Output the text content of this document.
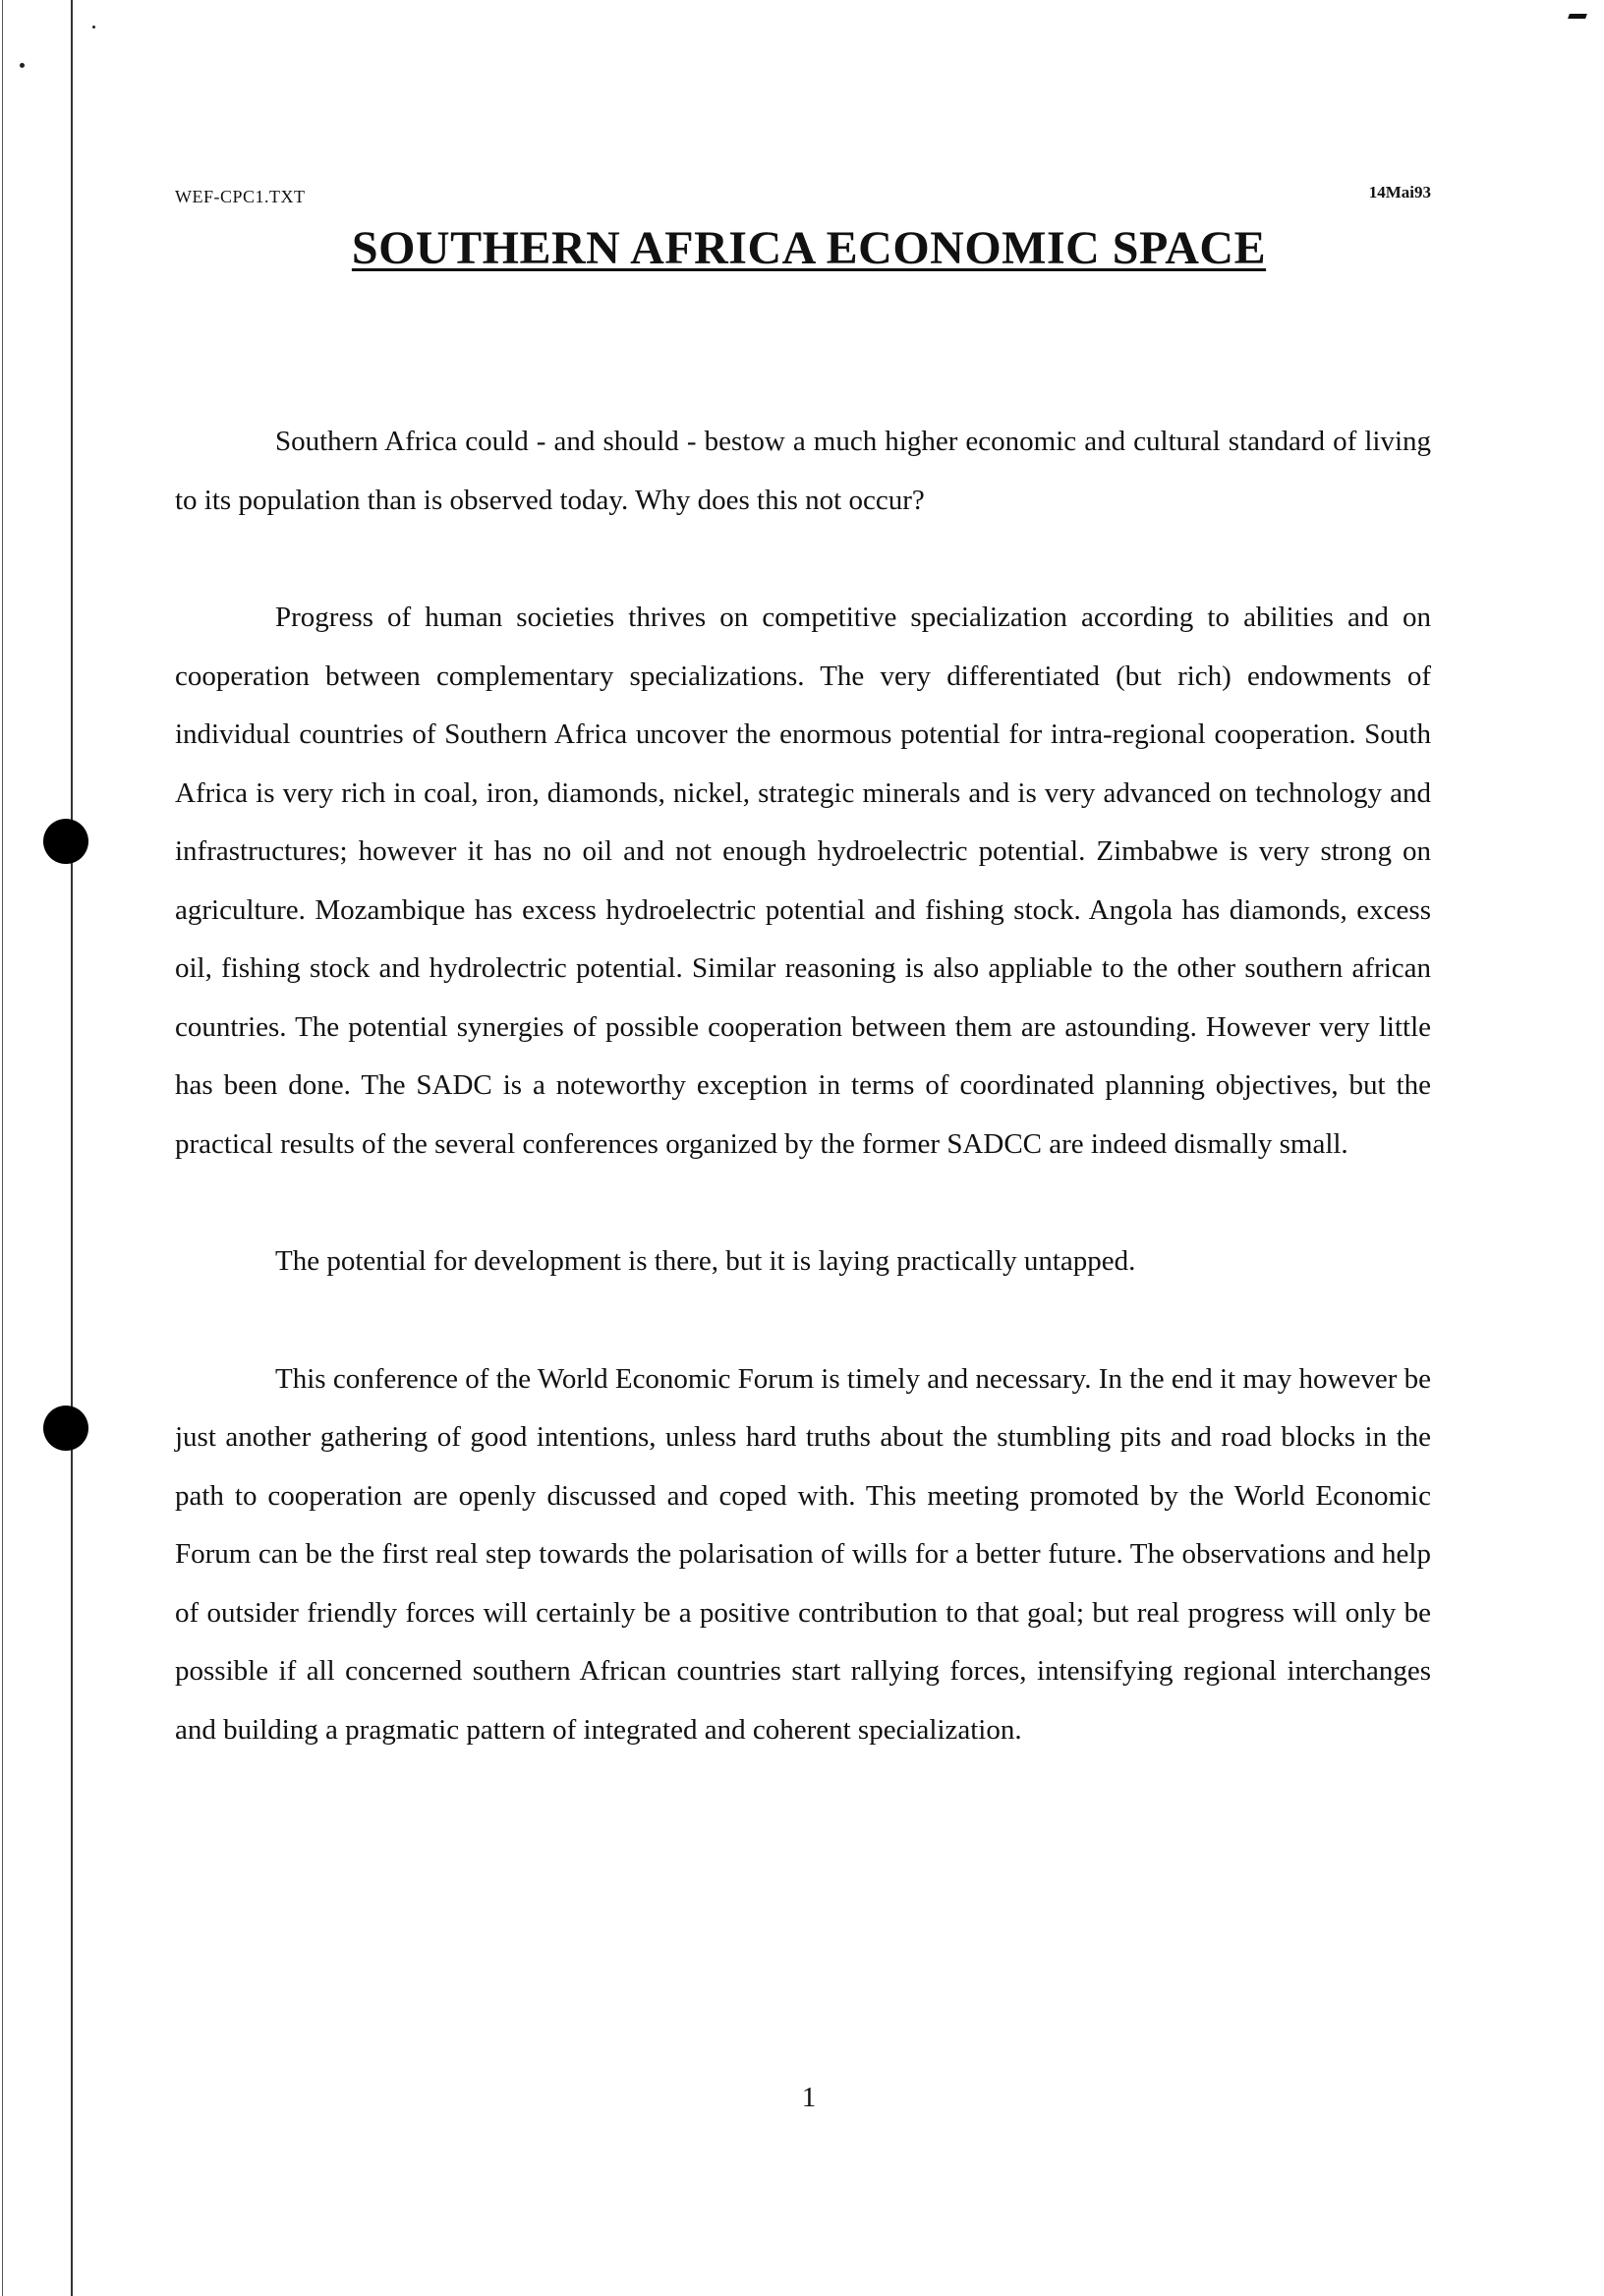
WEF-CPC1.TXT	14Mai93
SOUTHERN AFRICA ECONOMIC SPACE

Southern Africa could - and should - bestow a much higher economic and cultural standard of living to its population than is observed today. Why does this not occur?

Progress of human societies thrives on competitive specialization according to abilities and on cooperation between complementary specializations. The very differentiated (but rich) endowments of individual countries of Southern Africa uncover the enormous potential for intra-regional cooperation. South Africa is very rich in coal, iron, diamonds, nickel, strategic minerals and is very advanced on technology and infrastructures; however it has no oil and not enough hydroelectric potential. Zimbabwe is very strong on agriculture. Mozambique has excess hydroelectric potential and fishing stock. Angola has diamonds, excess oil, fishing stock and hydrolectric potential. Similar reasoning is also appliable to the other southern african countries. The potential synergies of possible cooperation between them are astounding. However very little has been done. The SADC is a noteworthy exception in terms of coordinated planning objectives, but the practical results of the several conferences organized by the former SADCC are indeed dismally small.

The potential for development is there, but it is laying practically untapped.

This conference of the World Economic Forum is timely and necessary. In the end it may however be just another gathering of good intentions, unless hard truths about the stumbling pits and road blocks in the path to cooperation are openly discussed and coped with. This meeting promoted by the World Economic Forum can be the first real step towards the polarisation of wills for a better future. The observations and help of outsider friendly forces will certainly be a positive contribution to that goal; but real progress will only be possible if all concerned southern African countries start rallying forces, intensifying regional interchanges and building a pragmatic pattern of integrated and coherent specialization.

1
